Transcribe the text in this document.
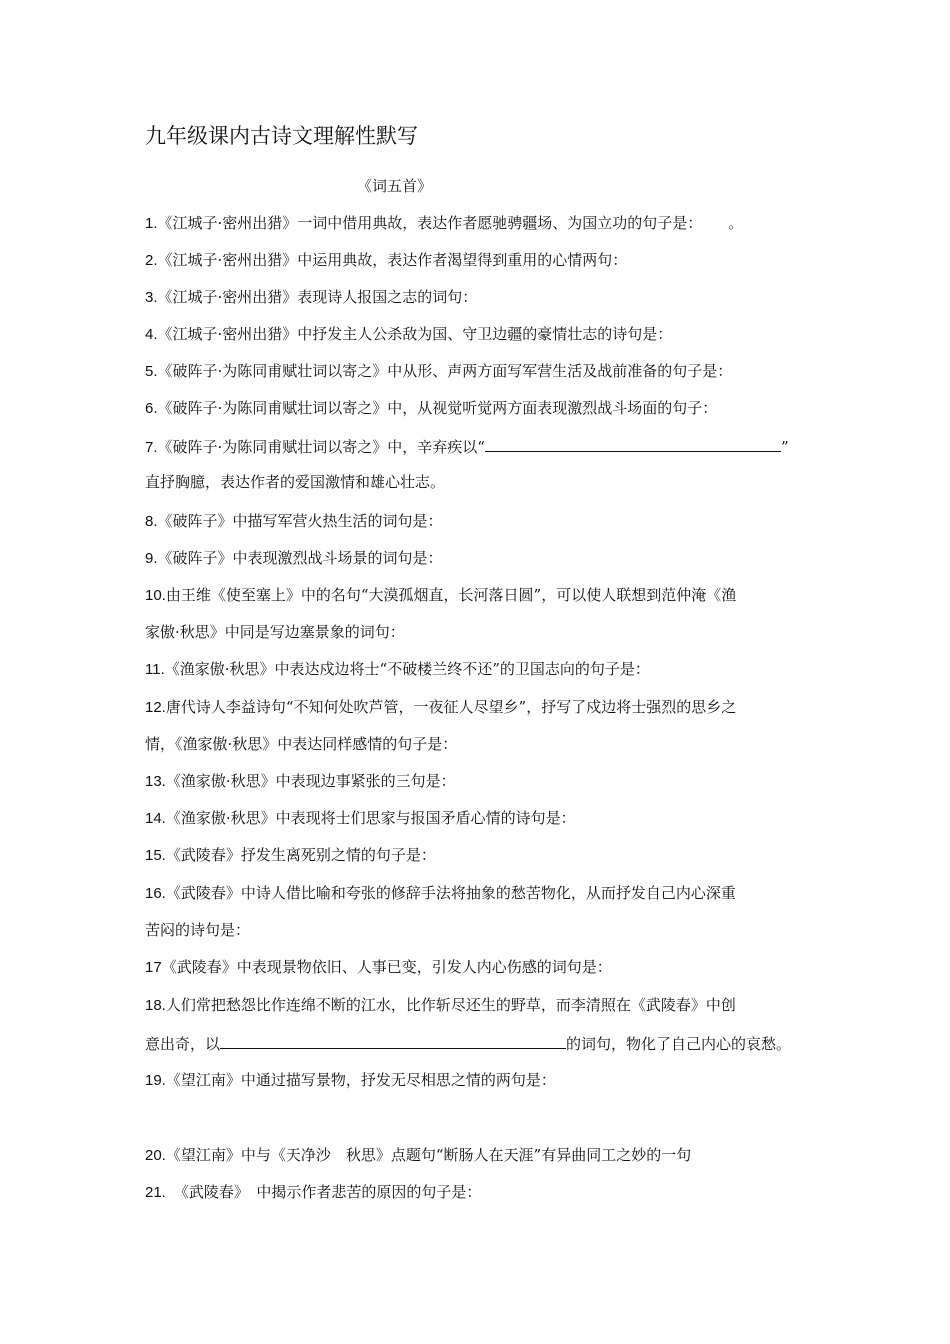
九年级课内古诗文理解性默写
《词五首》
1.《江城子·密州出猎》一词中借用典故，表达作者愿驰骋疆场、为国立功的句子是： 。
2.《江城子·密州出猎》中运用典故，表达作者渴望得到重用的心情两句：
3.《江城子·密州出猎》表现诗人报国之志的词句：
4.《江城子·密州出猎》中抒发主人公杀敌为国、守卫边疆的豪情壮志的诗句是：
5.《破阵子·为陈同甫赋壮词以寄之》中从形、声两方面写军营生活及战前准备的句子是：
6.《破阵子·为陈同甫赋壮词以寄之》中，从视觉听觉两方面表现激烈战斗场面的句子：
7.《破阵子·为陈同甫赋壮词以寄之》中，辛弃疾以“	”
直抒胸臆，表达作者的爱国激情和雄心壮志。
8.《破阵子》中描写军营火热生活的词句是：
9.《破阵子》中表现激烈战斗场景的词句是：
10.由王维《使至塞上》中的名句“大漠孤烟直，长河落日圆”，可以使人联想到范仲淹《渔
家傲·秋思》中同是写边塞景象的词句：
11.《渔家傲·秋思》中表达戍边将士“不破楼兰终不还”的卫国志向的句子是：
12.唐代诗人李益诗句“不知何处吹芦管，一夜征人尽望乡”，抒写了戍边将士强烈的思乡之
情，《渔家傲·秋思》中表达同样感情的句子是：
13.《渔家傲·秋思》中表现边事紧张的三句是：
14.《渔家傲·秋思》中表现将士们思家与报国矛盾心情的诗句是：
15.《武陵春》抒发生离死别之情的句子是：
16.《武陵春》中诗人借比喻和夸张的修辞手法将抽象的愁苦物化，从而抒发自己内心深重
苦闷的诗句是：
17《武陵春》中表现景物依旧、人事已变，引发人内心伤感的词句是：
18.人们常把愁怨比作连绵不断的江水，比作斩尽还生的野草，而李清照在《武陵春》中创
意出奇，以	的词句，物化了自己内心的哀愁。
19.《望江南》中通过描写景物，抒发无尽相思之情的两句是：
20.《望江南》中与《天净沙　秋思》点题句“断肠人在天涯”有异曲同工之妙的一句
21. 《武陵春》　中揭示作者悲苦的原因的句子是：
